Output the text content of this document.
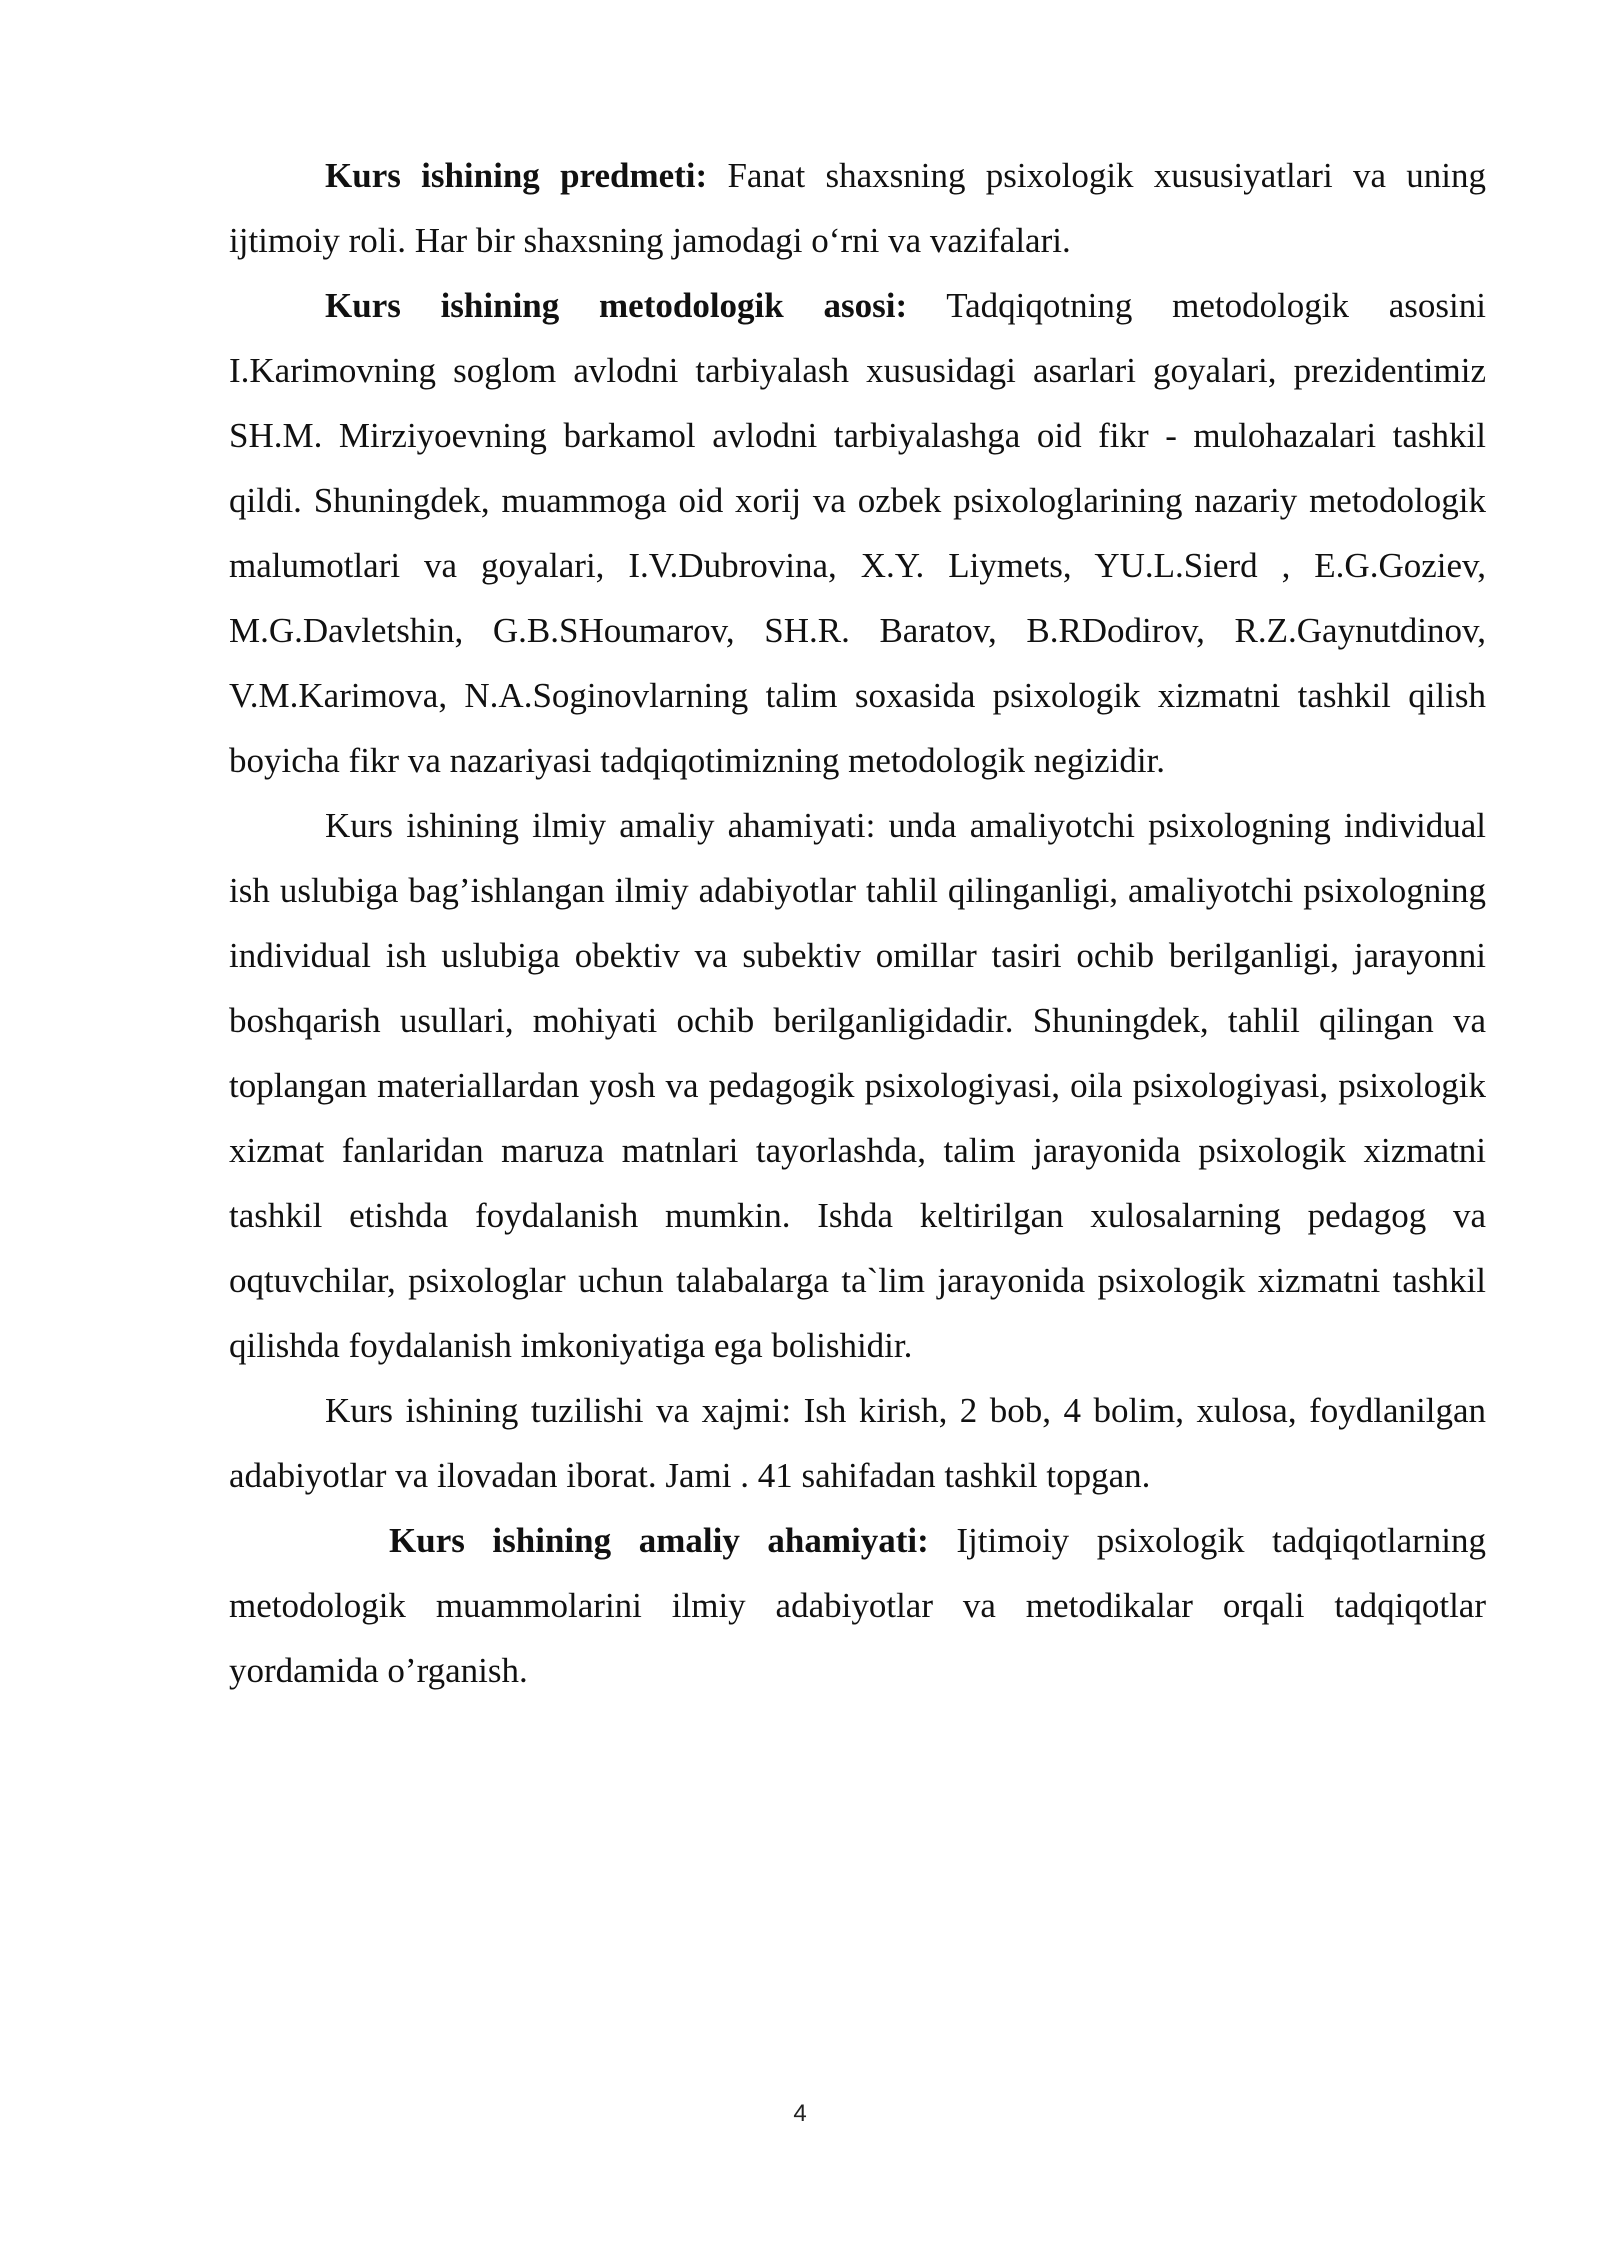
Kurs ishining predmeti: Fanat shaxsning psixologik xususiyatlari va uning ijtimoiy roli. Har bir shaxsning jamodagi o‘rni va vazifalari.

Kurs ishining metodologik asosi: Tadqiqotning metodologik asosini I.Karimovning soglom avlodni tarbiyalash xususidagi asarlari goyalari, prezidentimiz SH.M. Mirziyoevning barkamol avlodni tarbiyalashga oid fikr - mulohazalari tashkil qildi. Shuningdek, muammoga oid xorij va ozbek psixologlarining nazariy metodologik malumotlari va goyalari, I.V.Dubrovina, X.Y. Liymets, YU.L.Sierd , E.G.Goziev, M.G.Davletshin, G.B.SHoumarov, SH.R. Baratov, B.RDodirov, R.Z.Gaynutdinov, V.M.Karimova, N.A.Soginovlarning talim soxasida psixologik xizmatni tashkil qilish boyicha fikr va nazariyasi tadqiqotimizning metodologik negizidir.

Kurs ishining ilmiy amaliy ahamiyati: unda amaliyotchi psixologning individual ish uslubiga bag’ishlangan ilmiy adabiyotlar tahlil qilinganligi, amaliyotchi psixologning individual ish uslubiga obektiv va subektiv omillar tasiri ochib berilganligi, jarayonni boshqarish usullari, mohiyati ochib berilganligidadir. Shuningdek, tahlil qilingan va toplangan materiallardan yosh va pedagogik psixologiyasi, oila psixologiyasi, psixologik xizmat fanlaridan maruza matnlari tayorlashda, talim jarayonida psixologik xizmatni tashkil etishda foydalanish mumkin. Ishda keltirilgan xulosalarning pedagog va oqtuvchilar, psixologlar uchun talabalarga ta`lim jarayonida psixologik xizmatni tashkil qilishda foydalanish imkoniyatiga ega bolishidir.

Kurs ishining tuzilishi va xajmi: Ish kirish, 2 bob, 4 bolim, xulosa, foydlanilgan adabiyotlar va ilovadan iborat. Jami . 41 sahifadan tashkil topgan.

Kurs ishining amaliy ahamiyati: Ijtimoiy psixologik tadqiqotlarning metodologik muammolarini ilmiy adabiyotlar va metodikalar orqali tadqiqotlar yordamida o’rganish.

4
